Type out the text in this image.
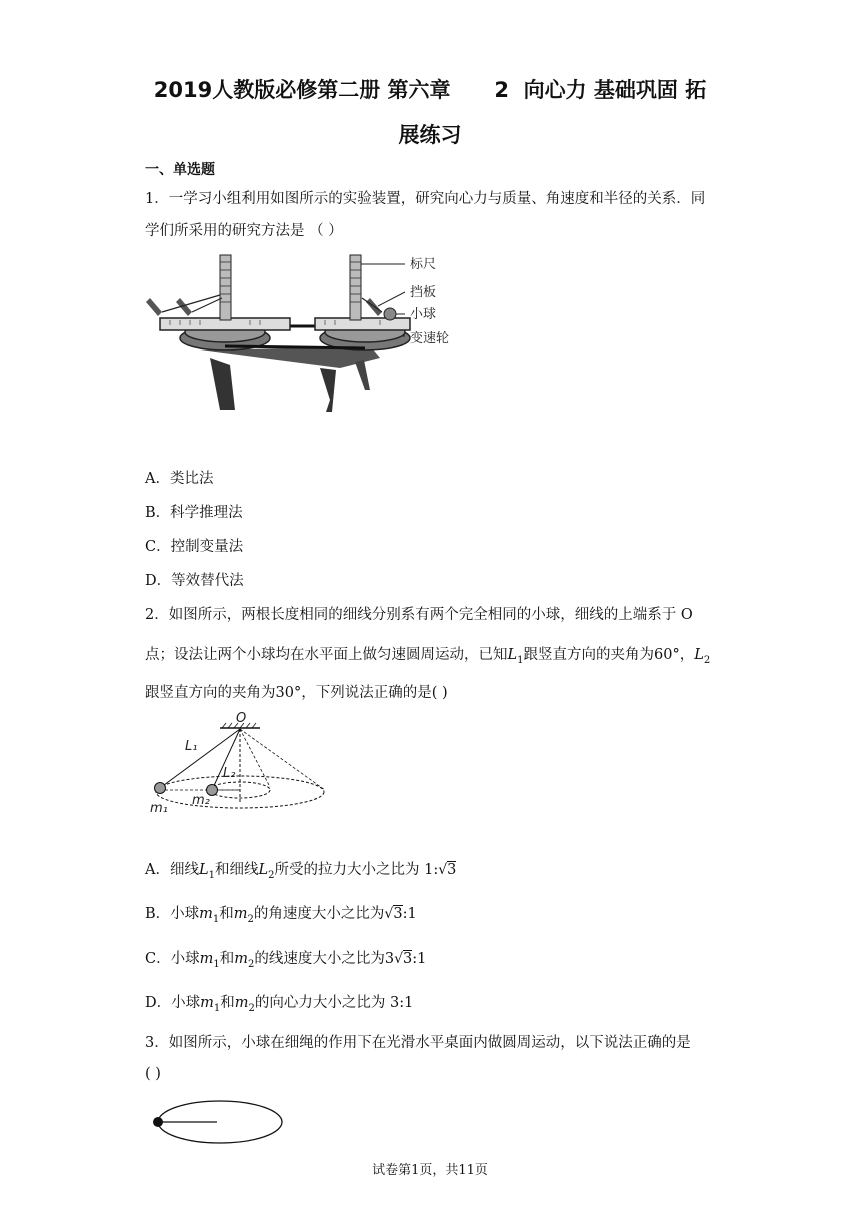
2019人教版必修第二册 第六章 2  向心力 基础巩固 拓
展练习
一、单选题
1．一学习小组利用如图所示的实验装置，研究向心力与质量、角速度和半径的关系．同
学们所采用的研究方法是 （ ）
标尺
挡板
小球
变速轮
A．类比法
B．科学推理法
C．控制变量法
D．等效替代法
2．如图所示，两根长度相同的细线分别系有两个完全相同的小球，细线的上端系于 O
点；设法让两个小球均在水平面上做匀速圆周运动，已知$L_1$跟竖直方向的夹角为60°，$L_2$
跟竖直方向的夹角为30°，下列说法正确的是( )
O
L₁
L₂
m₁
m₂
A．细线$L_1$和细线$L_2$所受的拉力大小之比为 1:√3
B．小球$m_1$和$m_2$的角速度大小之比为√3:1
C．小球$m_1$和$m_2$的线速度大小之比为3√3:1
D．小球$m_1$和$m_2$的向心力大小之比为 3:1
3．如图所示，小球在细绳的作用下在光滑水平桌面内做圆周运动，以下说法正确的是
( )
试卷第1页，共11页
